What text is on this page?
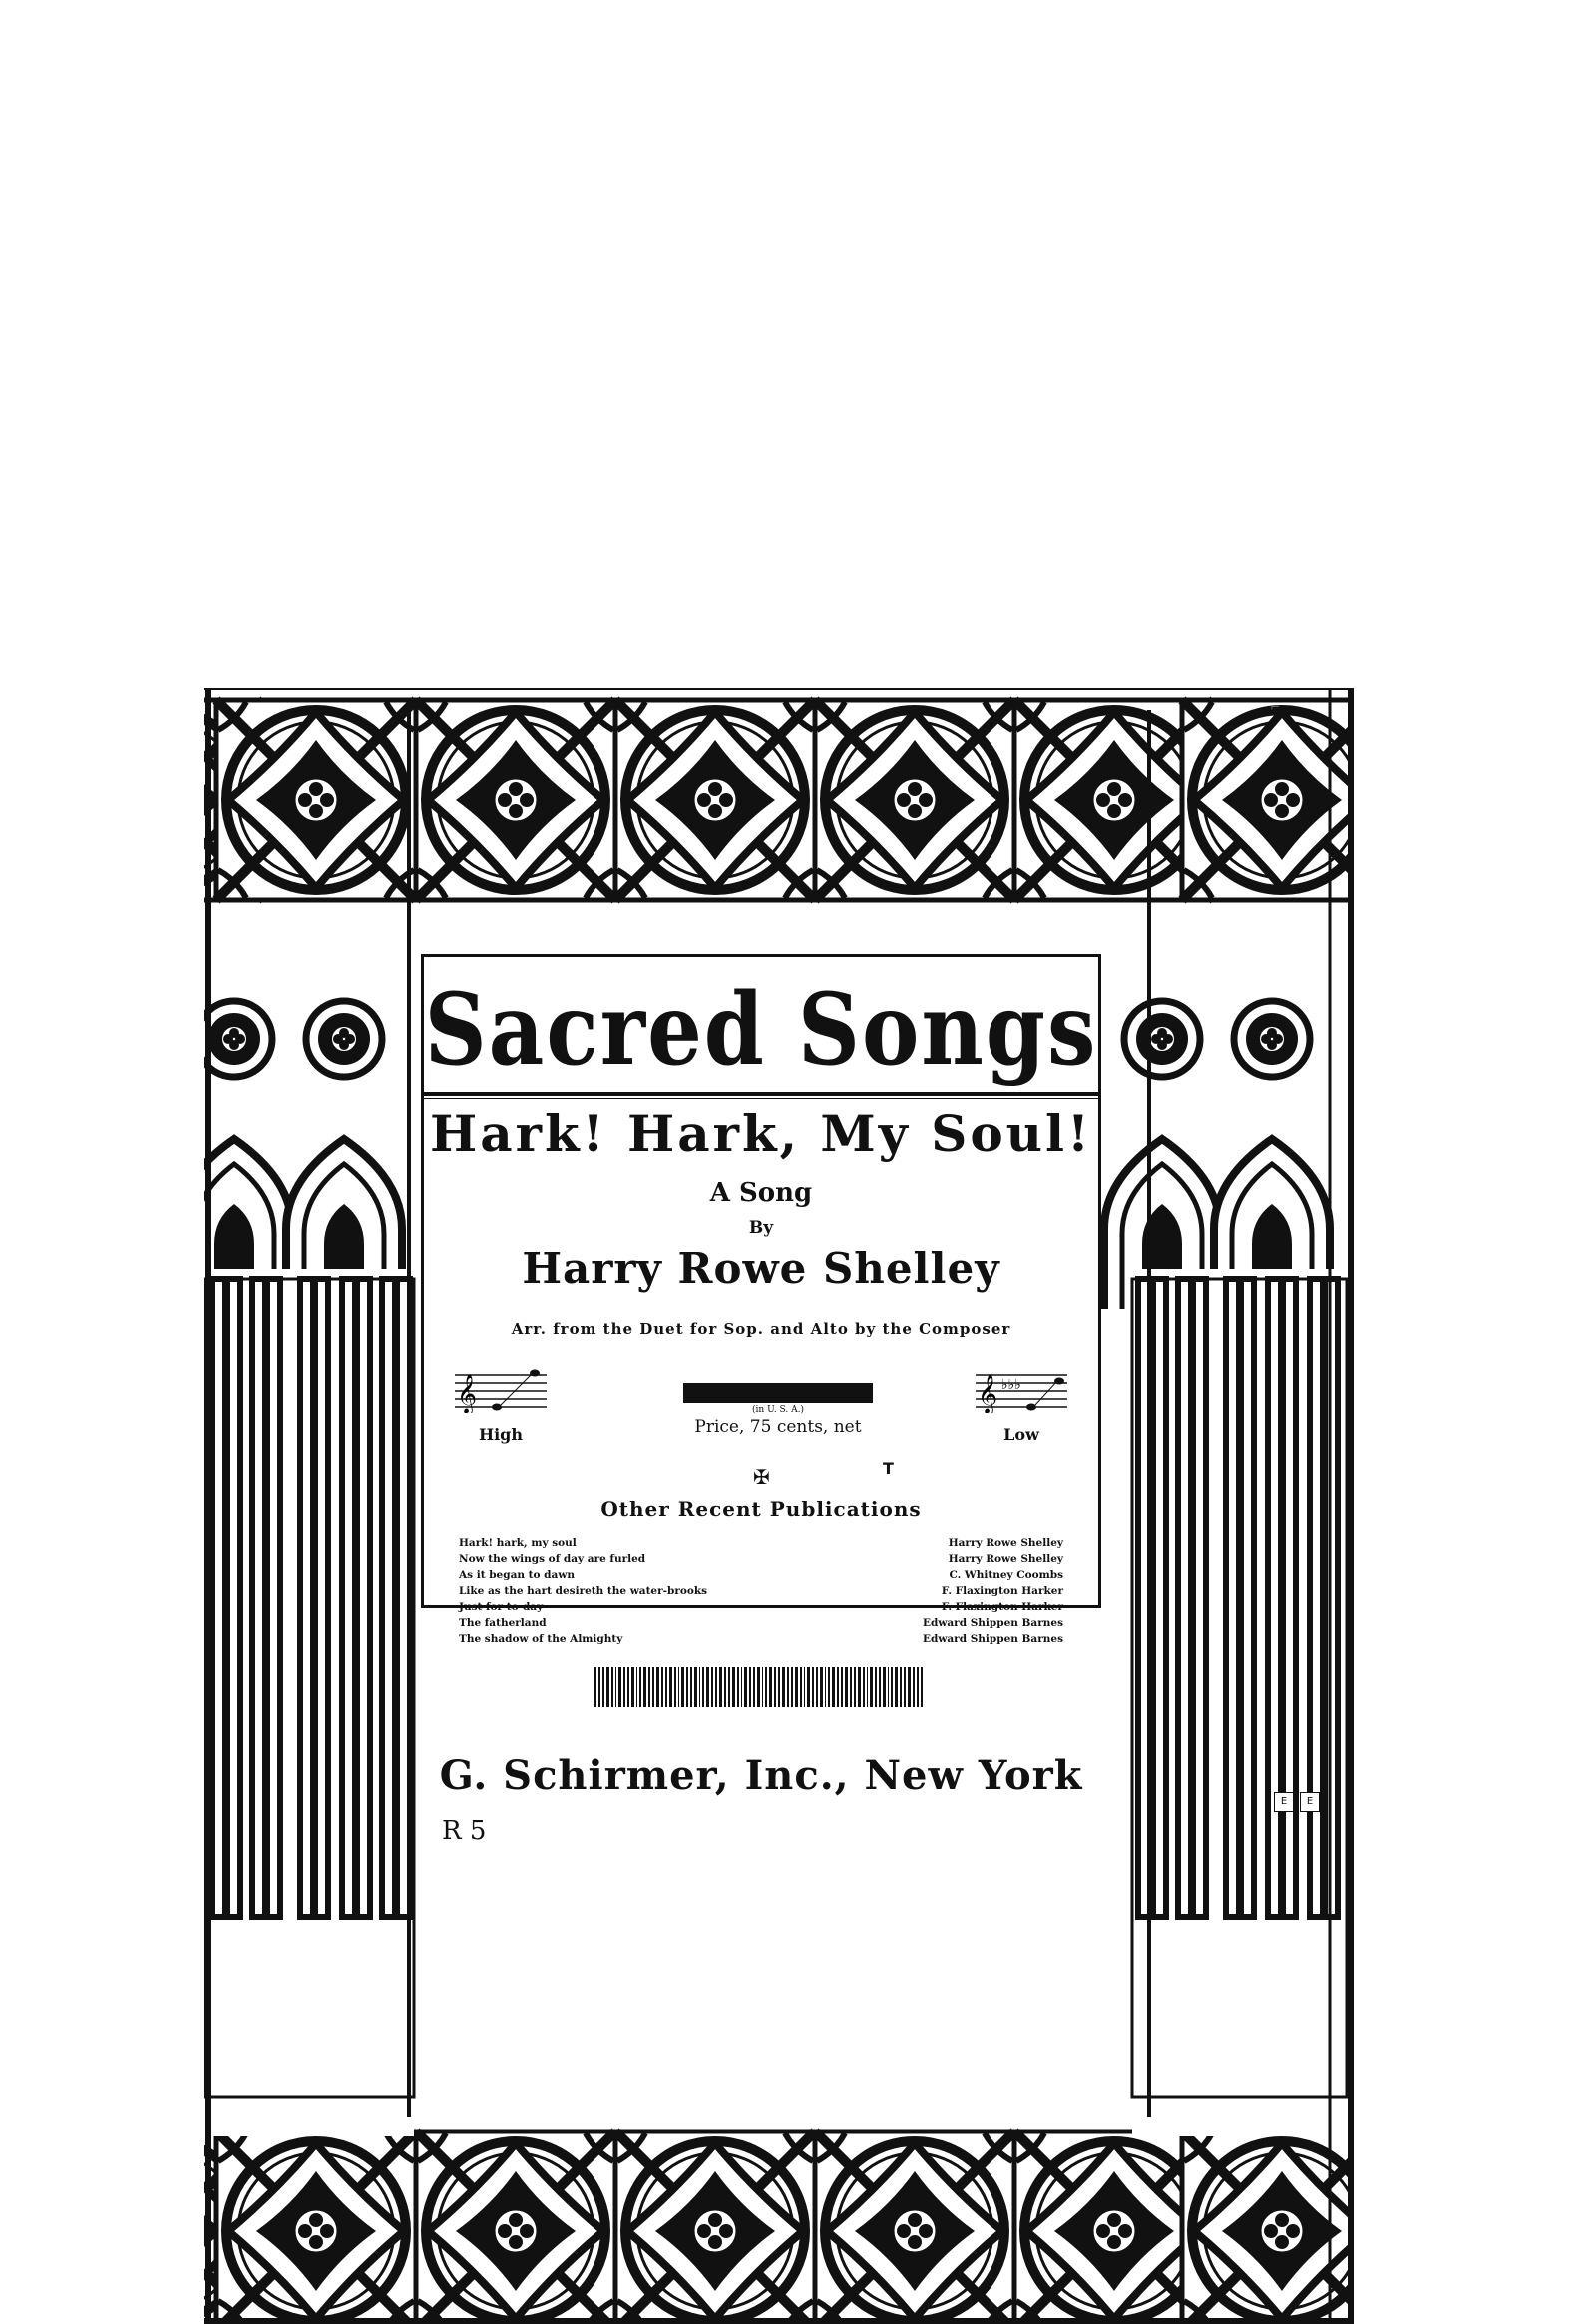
⌐
Sacred Songs
Hark! Hark, My Soul!
A Song
By
Harry Rowe Shelley
Arr. from the Duet for Sop. and Alto by the Composer
𝄞
High
(in U. S. A.)
Price, 75 cents, net
𝄞 ♭♭♭
Low
✠	T
Other Recent Publications
Hark! hark, my soul	Harry Rowe Shelley
Now the wings of day are furled	Harry Rowe Shelley
As it began to dawn	C. Whitney Coombs
Like as the hart desireth the water-brooks	F. Flaxington Harker
Just for to-day	F. Flaxington Harker
The fatherland	Edward Shippen Barnes
The shadow of the Almighty	Edward Shippen Barnes
G. Schirmer, Inc., New York
R 5
E	E
